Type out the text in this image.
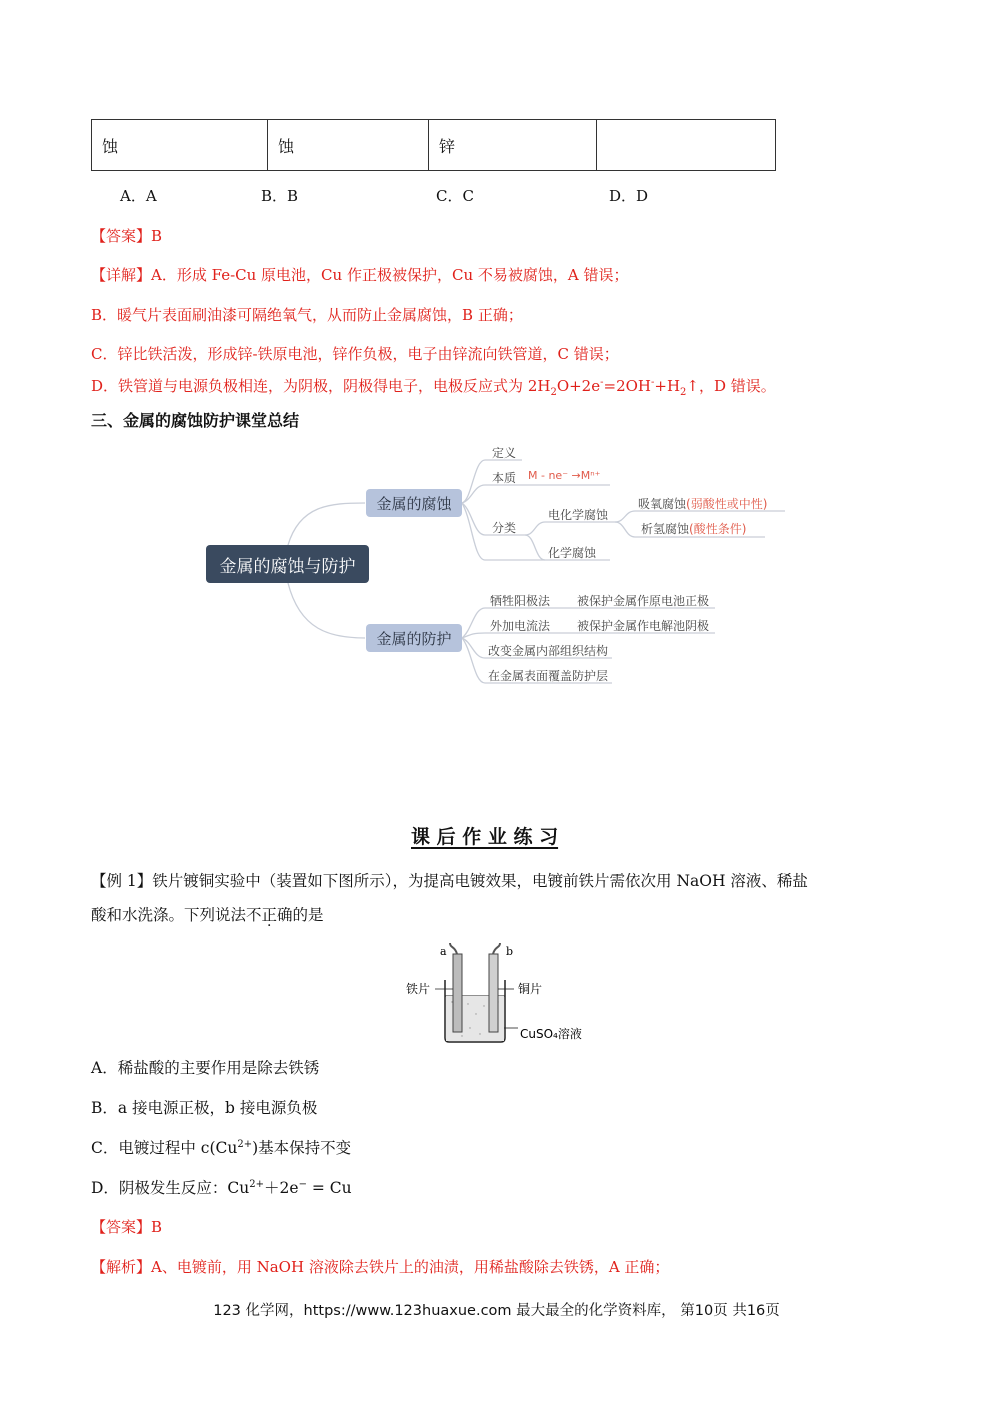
蚀	蚀	锌	
A．A	B．B	C．C	D．D
【答案】B
【详解】A．形成 Fe-Cu 原电池，Cu 作正极被保护，Cu 不易被腐蚀，A 错误；
B．暖气片表面刷油漆可隔绝氧气，从而防止金属腐蚀，B 正确；
C．锌比铁活泼，形成锌-铁原电池，锌作负极，电子由锌流向铁管道，C 错误；
D．铁管道与电源负极相连，为阴极，阴极得电子，电极反应式为 $2H_2O+2e^-=2OH^-+H_2↑$，D 错误。
三、金属的腐蚀防护课堂总结
金属的腐蚀与防护
金属的腐蚀
金属的防护
定义
本质 M - ne⁻ →Mⁿ⁺
分类
电化学腐蚀
吸氧腐蚀(弱酸性或中性)
析氢腐蚀(酸性条件)
化学腐蚀
牺牲阳极法 被保护金属作原电池正极
外加电流法 被保护金属作电解池阴极
改变金属内部组织结构
在金属表面覆盖防护层
课 后 作 业 练 习
【例 1】铁片镀铜实验中（装置如下图所示），为提高电镀效果，电镀前铁片需依次用 NaOH 溶液、稀盐
酸和水洗涤。下列说法不正确的是
a	b
铁片	铜片
CuSO₄溶液
A．稀盐酸的主要作用是除去铁锈
B．a 接电源正极，b 接电源负极
C．电镀过程中 $c(Cu^{2+})$基本保持不变
D．阴极发生反应：$Cu^{2+}+2e^- = Cu$
【答案】B
【解析】A、电镀前，用 NaOH 溶液除去铁片上的油渍，用稀盐酸除去铁锈，A 正确；
123 化学网，https://www.123huaxue.com 最大最全的化学资料库， 第10页 共16页
